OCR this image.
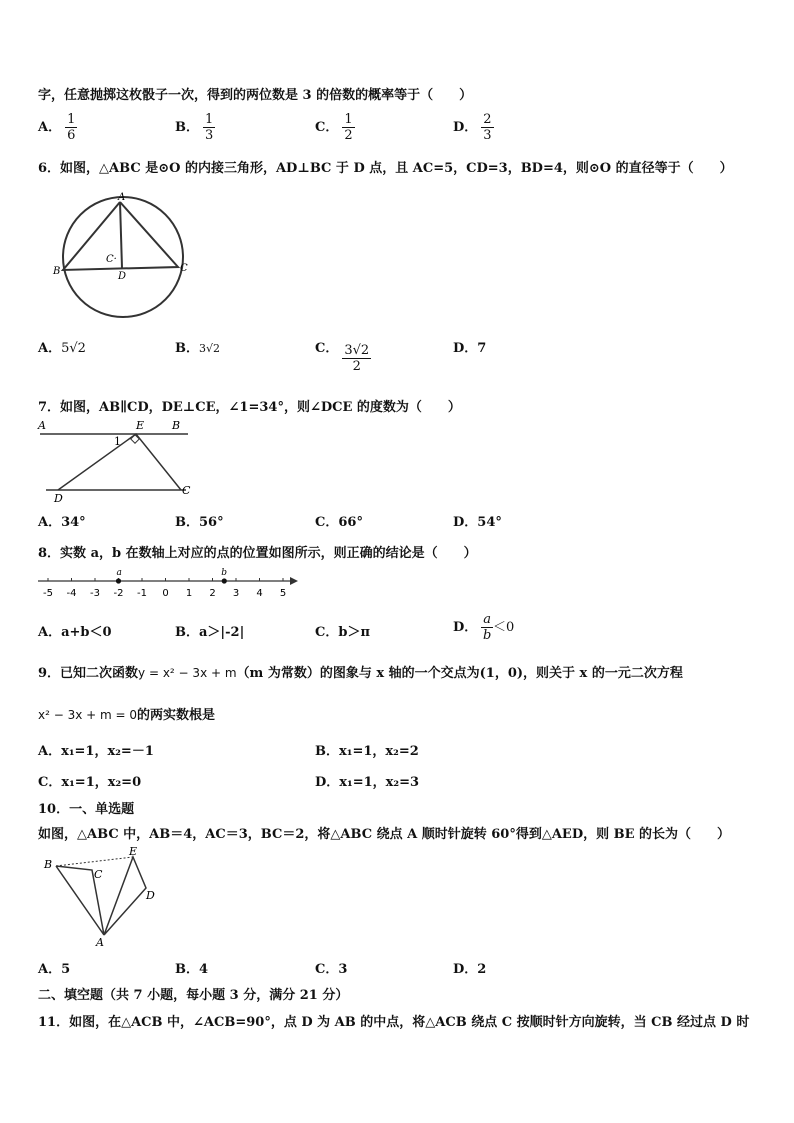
字，任意抛掷这枚骰子一次，得到的两位数是 3 的倍数的概率等于（　　）
A． $\frac{1}{6}$	B． $\frac{1}{3}$	C． $\frac{1}{2}$	D． $\frac{2}{3}$
6．如图，△ABC 是⊙O 的内接三角形，AD⊥BC 于 D 点，且 AC=5，CD=3，BD=4，则⊙O 的直径等于（　　）
A
B	C
D
C·
A．5√2	B．3√2	C． $\frac{3√2}{2}$	D．7
7．如图，AB∥CD，DE⊥CE，∠1=34°，则∠DCE 的度数为（　　）
A	E	B
1
D
C
A．34°	B．56°	C．66°	D．54°
8．实数 a，b 在数轴上对应的点的位置如图所示，则正确的结论是（　　）
-5 -4 -3 -2 -1 0 1 2 3 4 5
a	b
A．a+b＜0	B．a＞|-2|	C．b＞π	D． $\frac{a}{b} <0$
9．已知二次函数y = x² − 3x + m（m 为常数）的图象与 x 轴的一个交点为(1，0)，则关于 x 的一元二次方程
x² − 3x + m = 0的两实数根是
A．x₁=1，x₂=－1	B．x₁=1，x₂=2
C．x₁=1，x₂=0	D．x₁=1，x₂=3
10．一、单选题
如图，△ABC 中，AB＝4，AC＝3，BC＝2，将△ABC 绕点 A 顺时针旋转 60°得到△AED，则 BE 的长为（　　）
B
C
E
D
A
A．5	B．4	C．3	D．2
二、填空题（共 7 小题，每小题 3 分，满分 21 分）
11．如图，在△ACB 中，∠ACB=90°，点 D 为 AB 的中点，将△ACB 绕点 C 按顺时针方向旋转，当 CB 经过点 D 时
